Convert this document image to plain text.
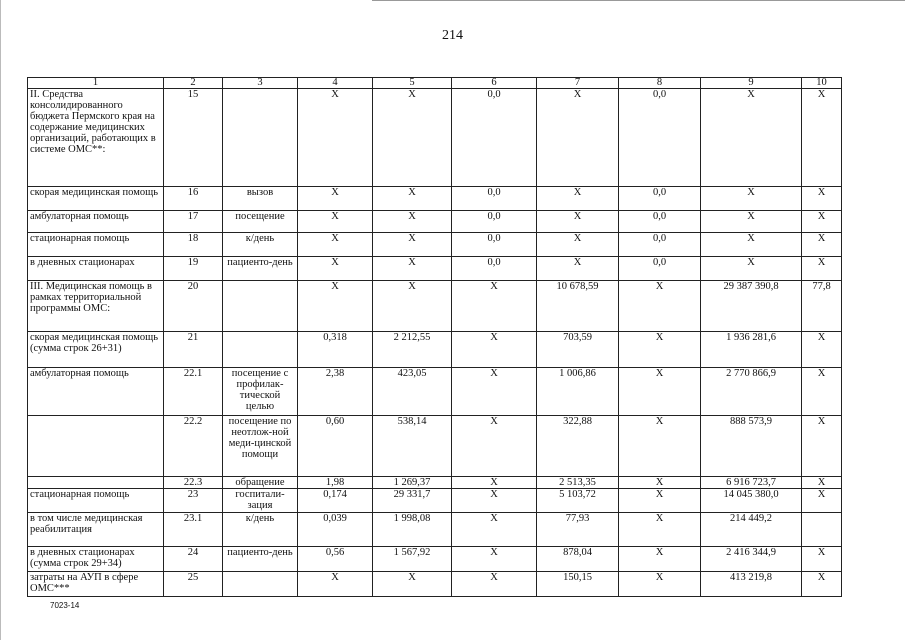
214
1	2	3	4	5	6	7	8	9	10
II. Средства консолидированного бюджета Пермского края на содержание медицинских организаций, работающих в системе ОМС**:	15		Х	Х	0,0	Х	0,0	Х	Х
скорая медицинская помощь	16	вызов	Х	Х	0,0	Х	0,0	Х	Х
амбулаторная помощь	17	посещение	Х	Х	0,0	Х	0,0	Х	Х
стационарная помощь	18	к/день	Х	Х	0,0	Х	0,0	Х	Х
в дневных стационарах	19	пациенто-день	Х	Х	0,0	Х	0,0	Х	Х
III. Медицинская помощь в рамках территориальной программы ОМС:	20		Х	Х	Х	10 678,59	Х	29 387 390,8	77,8
скорая медицинская помощь (сумма строк 26+31)	21		0,318	2 212,55	Х	703,59	Х	1 936 281,6	Х
амбулаторная помощь	22.1	посещение с профилак-тической целью	2,38	423,05	Х	1 006,86	Х	2 770 866,9	Х
	22.2	посещение по неотлож-ной меди-цинской помощи	0,60	538,14	Х	322,88	Х	888 573,9	Х
	22.3	обращение	1,98	1 269,37	Х	2 513,35	Х	6 916 723,7	Х
стационарная помощь	23	госпитали-зация	0,174	29 331,7	Х	5 103,72	Х	14 045 380,0	Х
в том числе медицинская реабилитация	23.1	к/день	0,039	1 998,08	Х	77,93	Х	214 449,2	
в дневных стационарах (сумма строк 29+34)	24	пациенто-день	0,56	1 567,92	Х	878,04	Х	2 416 344,9	Х
затраты на АУП в сфере ОМС***	25		Х	Х	Х	150,15	Х	413 219,8	Х
7023-14
